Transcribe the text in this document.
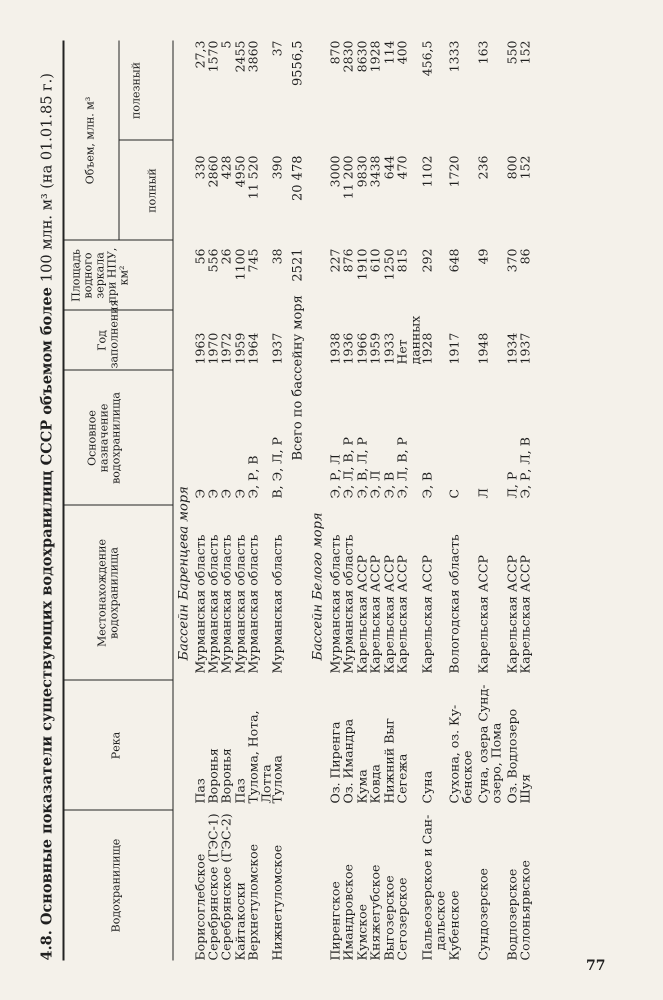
4.8. Основные показатели существующих водохранилищ СССР объемом более 100 млн. м³ (на 01.01.85 г.)
Водохранилище
Река
Местонахождение водохранилища
Основное назначение водохранилища
Год заполнения
Площадь водного зеркала при НПУ, км²
Объем, млн. м³
полный
полезный
Бассейн Баренцева моря
Борисоглебское
Паз
Мурманская область
Э
1963
56
330
27,3
Серебрянское (ГЭС-1)
Воронья
Мурманская область
Э
1970
556
2860
1570
Серебрянское (ГЭС-2)
Воронья
Мурманская область
Э
1972
26
428
5
Кайтакоски
Паз
Мурманская область
Э
1959
1100
4950
2455
Верхнетуломское
Тулома, Нота,
Лотта
Мурманская область
Э, Р, В
1964
745
11 520
3860
Нижнетуломское
Тулома
Мурманская область
В, Э, Л, Р
1937
38
390
37
Всего по бассейну моря
2521
20 478
9556,5
Бассейн Белого моря
Пиренгское
Оз. Пиренга
Мурманская область
Э, Р, Л
1938
227
3000
870
Имандровское
Оз. Имандра
Мурманская область
Э, Л, В, Р
1936
876
11 200
2830
Кумское
Кума
Карельская АССР
Э, В, Л, Р
1966
1910
9830
8630
Княжегубское
Ковда
Карельская АССР
Э, Л
1959
610
3438
1928
Выгозерское
Нижний Выг
Карельская АССР
Э, В
1933
1250
644
114
Сегозерское
Сегежа
Карельская АССР
Э, Л, В, Р
Нет
данных
815
470
400
Пальеозерское и Сан-
дальское
Суна
Карельская АССР
Э, В
1928
292
1102
456,5
Кубенское
Сухона, оз. Ку-
бенское
Вологодская область
С
1917
648
1720
1333
Сундозерское
Суна, озера Сунд-
озеро, Пома
Карельская АССР
Л
1948
49
236
163
Водлозерское
Оз. Водлозеро
Карельская АССР
Л, Р
1934
370
800
550
Солоньярвское
Шуя
Карельская АССР
Э, Р, Л, В
1937
86
152
152
77
